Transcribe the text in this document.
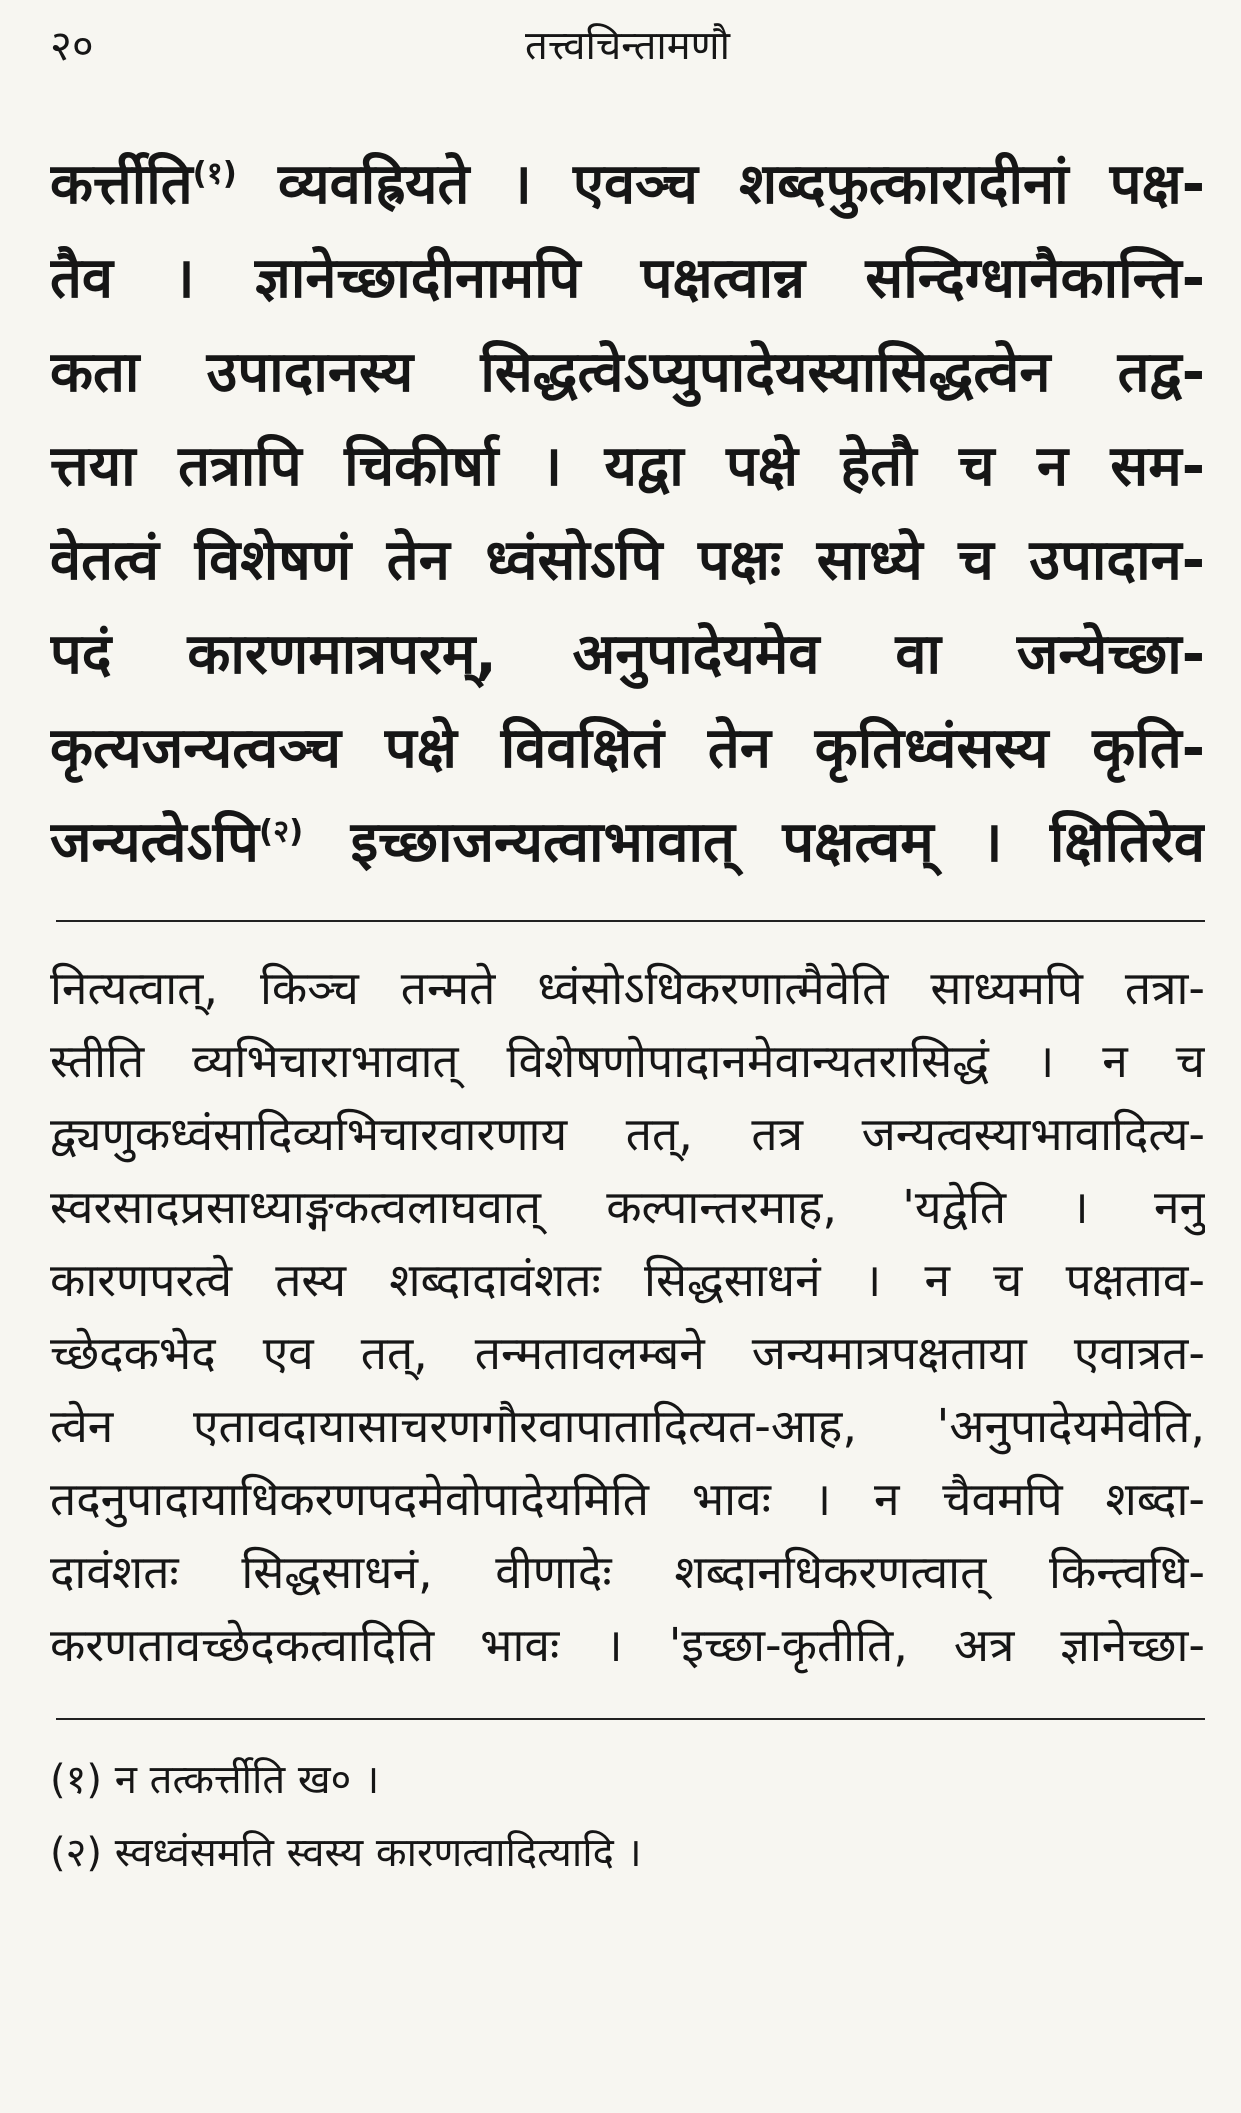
२०	तत्त्वचिन्तामणौ
कर्त्तीति$^{(१)}$ व्यवह्रियते । एवञ्च शब्दफुत्कारादीनां पक्ष-
तैव । ज्ञानेच्छादीनामपि पक्षत्वान्न सन्दिग्धानैकान्ति-
कता उपादानस्य सिद्धत्वेऽप्युपादेयस्यासिद्धत्वेन तद्व-
त्तया तत्रापि चिकीर्षा । यद्वा पक्षे हेतौ च न सम-
वेतत्वं विशेषणं तेन ध्वंसोऽपि पक्षः साध्ये च उपादान-
पदं कारणमात्रपरम्, अनुपादेयमेव वा जन्येच्छा-
कृत्यजन्यत्वञ्च पक्षे विवक्षितं तेन कृतिध्वंसस्य कृति-
जन्यत्वेऽपि$^{(२)}$ इच्छाजन्यत्वाभावात् पक्षत्वम् । क्षितिरेव
नित्यत्वात्, किञ्च तन्मते ध्वंसोऽधिकरणात्मैवेति साध्यमपि तत्रा-
स्तीति व्यभिचाराभावात् विशेषणोपादानमेवान्यतरासिद्धं । न च
द्व्यणुकध्वंसादिव्यभिचारवारणाय तत्, तत्र जन्यत्वस्याभावादित्य-
स्वरसादप्रसाध्याङ्गकत्वलाघवात् कल्पान्तरमाह, 'यद्वेति । ननु
कारणपरत्वे तस्य शब्दादावंशतः सिद्धसाधनं । न च पक्षताव-
च्छेदकभेद एव तत्, तन्मतावलम्बने जन्यमात्रपक्षताया एवात्रत-
त्वेन एतावदायासाचरणगौरवापातादित्यत-आह, 'अनुपादेयमेवेति,
तदनुपादायाधिकरणपदमेवोपादेयमिति भावः । न चैवमपि शब्दा-
दावंशतः सिद्धसाधनं, वीणादेः शब्दानधिकरणत्वात् किन्त्वधि-
करणतावच्छेदकत्वादिति भावः । 'इच्छा-कृतीति, अत्र ज्ञानेच्छा-
(१) न तत्कर्त्तीति ख० ।
(२) स्वध्वंसमति स्वस्य कारणत्वादित्यादि ।
